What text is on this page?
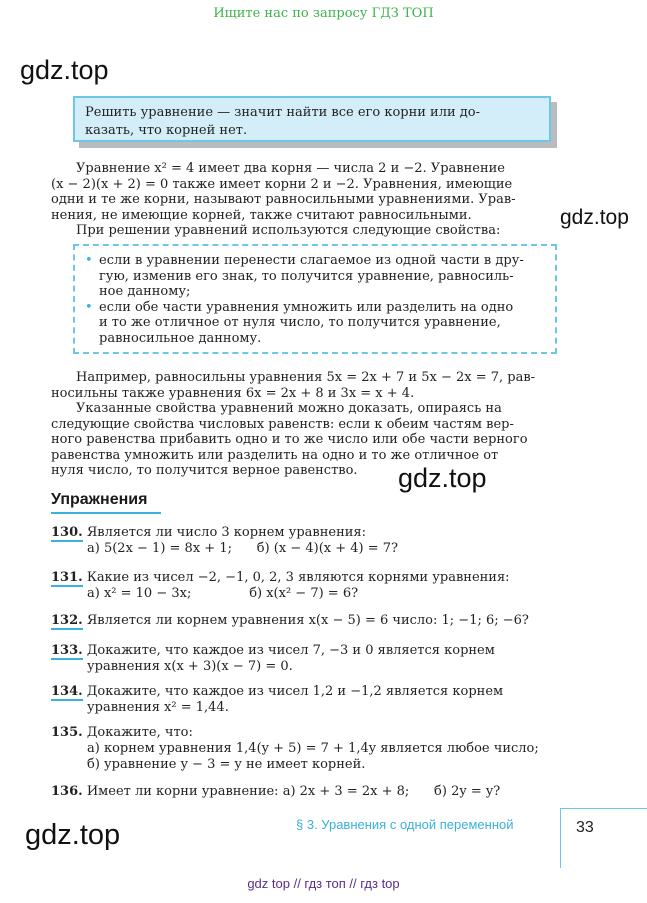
Ищите нас по запросу ГДЗ ТОП
gdz.top
gdz.top
gdz.top
gdz.top
Решить уравнение — значит найти все его корни или до-
казать, что корней нет.
Уравнение x² = 4 имеет два корня — числа 2 и −2. Уравнение
(x − 2)(x + 2) = 0 также имеет корни 2 и −2. Уравнения, имеющие
одни и те же корни, называют равносильными уравнениями. Урав-
нения, не имеющие корней, также считают равносильными.
При решении уравнений используются следующие свойства:
• если в уравнении перенести слагаемое из одной части в дру-
гую, изменив его знак, то получится уравнение, равносиль-
ное данному;
• если обе части уравнения умножить или разделить на одно
и то же отличное от нуля число, то получится уравнение,
равносильное данному.
Например, равносильны уравнения 5x = 2x + 7 и 5x − 2x = 7, рав-
носильны также уравнения 6x = 2x + 8 и 3x = x + 4.
Указанные свойства уравнений можно доказать, опираясь на
следующие свойства числовых равенств: если к обеим частям вер-
ного равенства прибавить одно и то же число или обе части верного
равенства умножить или разделить на одно и то же отличное от
нуля число, то получится верное равенство.
Упражнения
130. Является ли число 3 корнем уравнения:
а) 5(2x − 1) = 8x + 1;      б) (x − 4)(x + 4) = 7?
131. Какие из чисел −2, −1, 0, 2, 3 являются корнями уравнения:
а) x² = 10 − 3x;              б) x(x² − 7) = 6?
132. Является ли корнем уравнения x(x − 5) = 6 число: 1; −1; 6; −6?
133. Докажите, что каждое из чисел 7, −3 и 0 является корнем
уравнения x(x + 3)(x − 7) = 0.
134. Докажите, что каждое из чисел 1,2 и −1,2 является корнем
уравнения x² = 1,44.
135. Докажите, что:
а) корнем уравнения 1,4(y + 5) = 7 + 1,4y является любое число;
б) уравнение y − 3 = y не имеет корней.
136. Имеет ли корни уравнение: а) 2x + 3 = 2x + 8;      б) 2y = y?
§ 3. Уравнения с одной переменной	33
gdz top // гдз топ // гдз top
